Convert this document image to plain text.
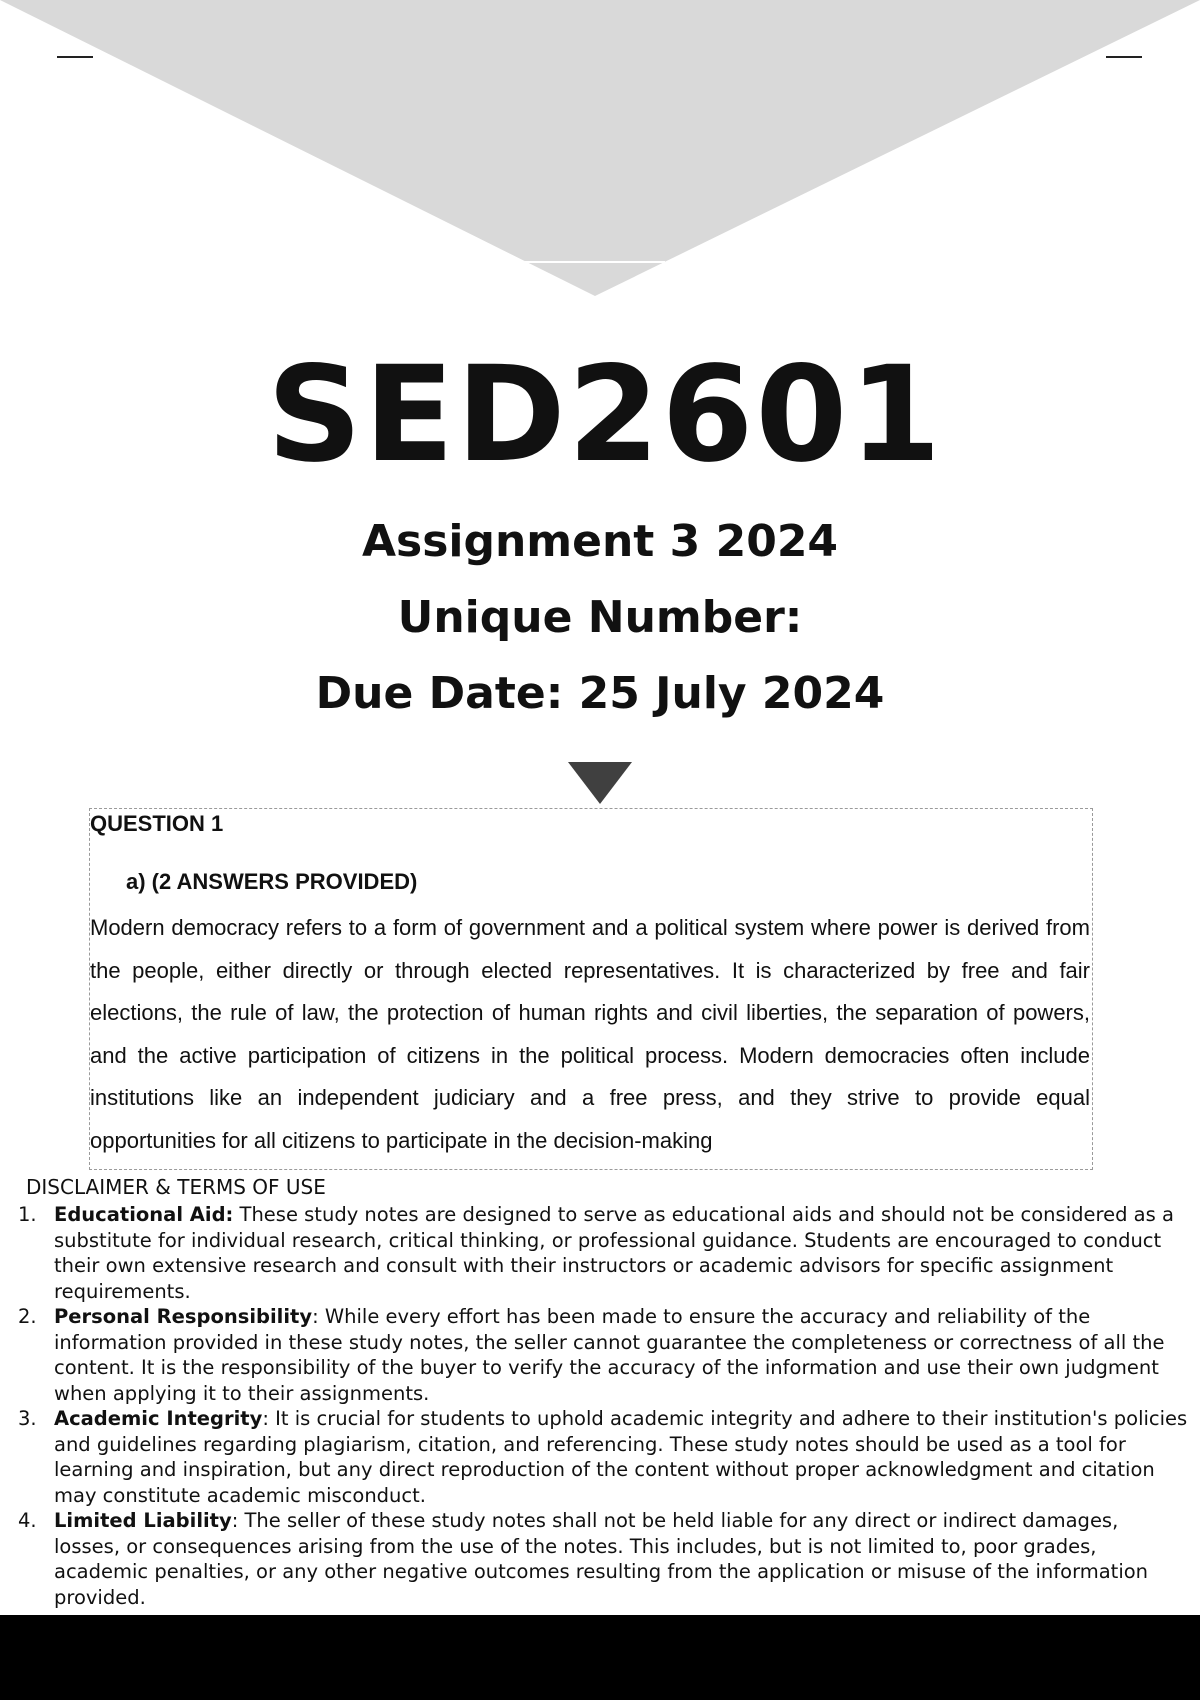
SED2601
Assignment 3 2024
Unique Number:
Due Date: 25 July 2024
QUESTION 1
a) (2 ANSWERS PROVIDED)

Modern democracy refers to a form of government and a political system where power is derived from the people, either directly or through elected representatives. It is characterized by free and fair elections, the rule of law, the protection of human rights and civil liberties, the separation of powers, and the active participation of citizens in the political process. Modern democracies often include institutions like an independent judiciary and a free press, and they strive to provide equal opportunities for all citizens to participate in the decision-making

DISCLAIMER & TERMS OF USE
1. Educational Aid: These study notes are designed to serve as educational aids and should not be considered as a substitute for individual research, critical thinking, or professional guidance. Students are encouraged to conduct their own extensive research and consult with their instructors or academic advisors for specific assignment requirements.
2. Personal Responsibility: While every effort has been made to ensure the accuracy and reliability of the information provided in these study notes, the seller cannot guarantee the completeness or correctness of all the content. It is the responsibility of the buyer to verify the accuracy of the information and use their own judgment when applying it to their assignments.
3. Academic Integrity: It is crucial for students to uphold academic integrity and adhere to their institution's policies and guidelines regarding plagiarism, citation, and referencing. These study notes should be used as a tool for learning and inspiration, but any direct reproduction of the content without proper acknowledgment and citation may constitute academic misconduct.
4. Limited Liability: The seller of these study notes shall not be held liable for any direct or indirect damages, losses, or consequences arising from the use of the notes. This includes, but is not limited to, poor grades, academic penalties, or any other negative outcomes resulting from the application or misuse of the information provided.
